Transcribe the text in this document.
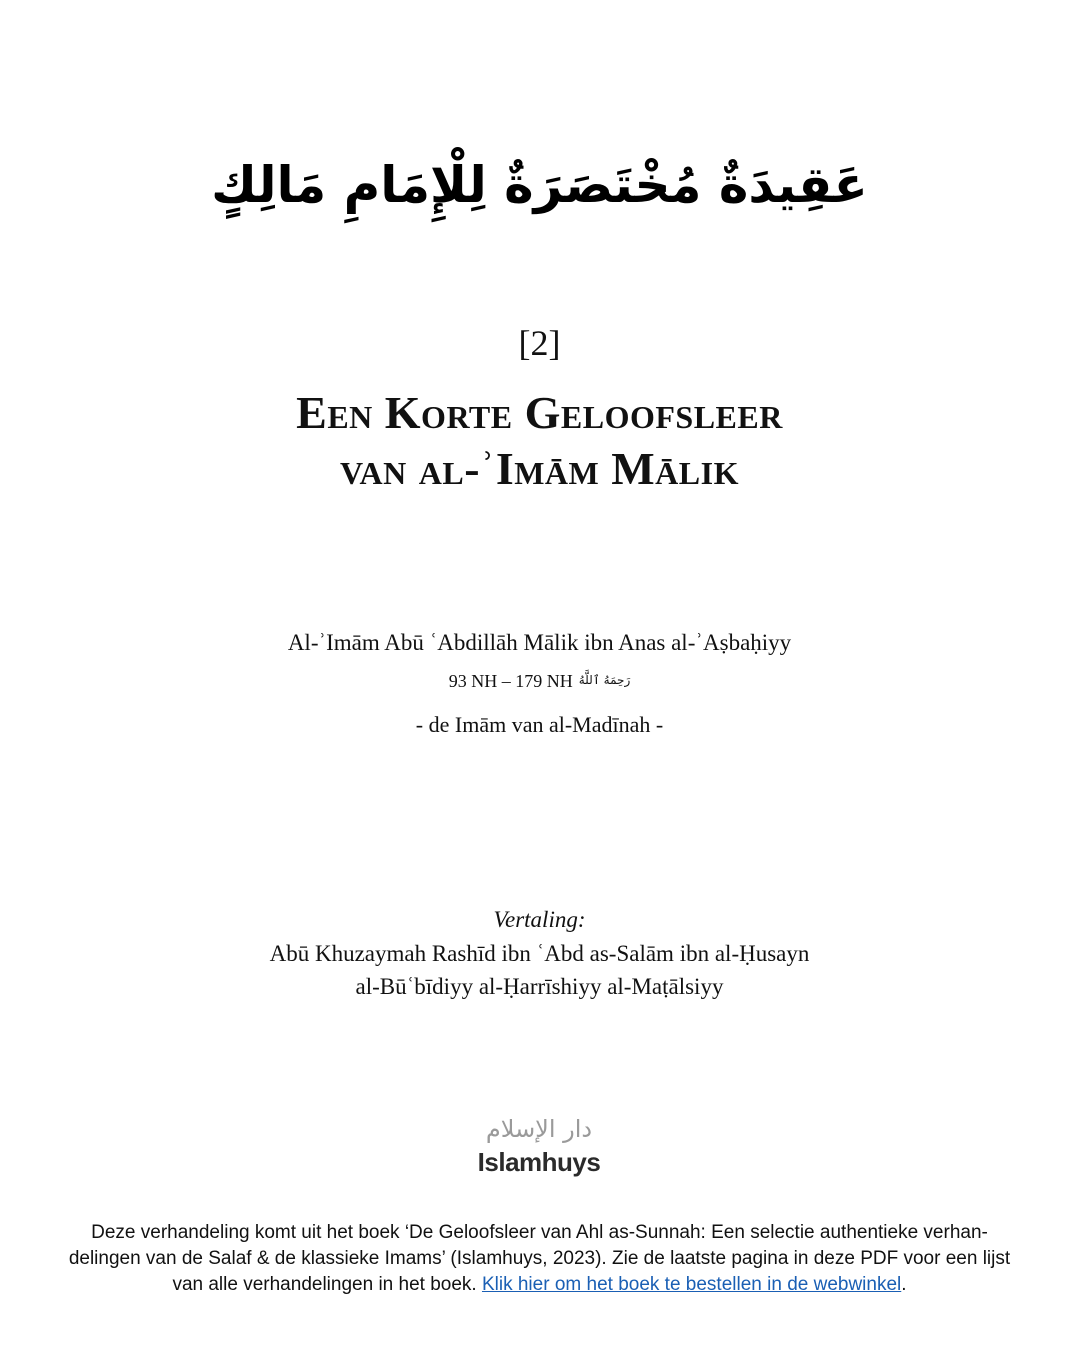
عَقِيدَةٌ مُخْتَصَرَةٌ لِلْإِمَامِ مَالِكٍ
[2]
Een Korte Geloofsleer
van al-ʾImām Mālik
Al-ʾImām Abū ʿAbdillāh Mālik ibn Anas al-ʾAṣbaḥiyy
93 NH – 179 NH رَحِمَهُ ٱللَّهُ
- de Imām van al-Madīnah -
Vertaling:
Abū Khuzaymah Rashīd ibn ʿAbd as-Salām ibn al-Ḥusayn
al-Būʿbīdiyy al-Ḥarrīshiyy al-Maṭālsiyy
دار الإسلام
Islamhuys
Deze verhandeling komt uit het boek ‘De Geloofsleer van Ahl as-Sunnah: Een selectie authentieke verhan-delingen van de Salaf & de klassieke Imams’ (Islamhuys, 2023). Zie de laatste pagina in deze PDF voor een lijst van alle verhandelingen in het boek. Klik hier om het boek te bestellen in de webwinkel.
